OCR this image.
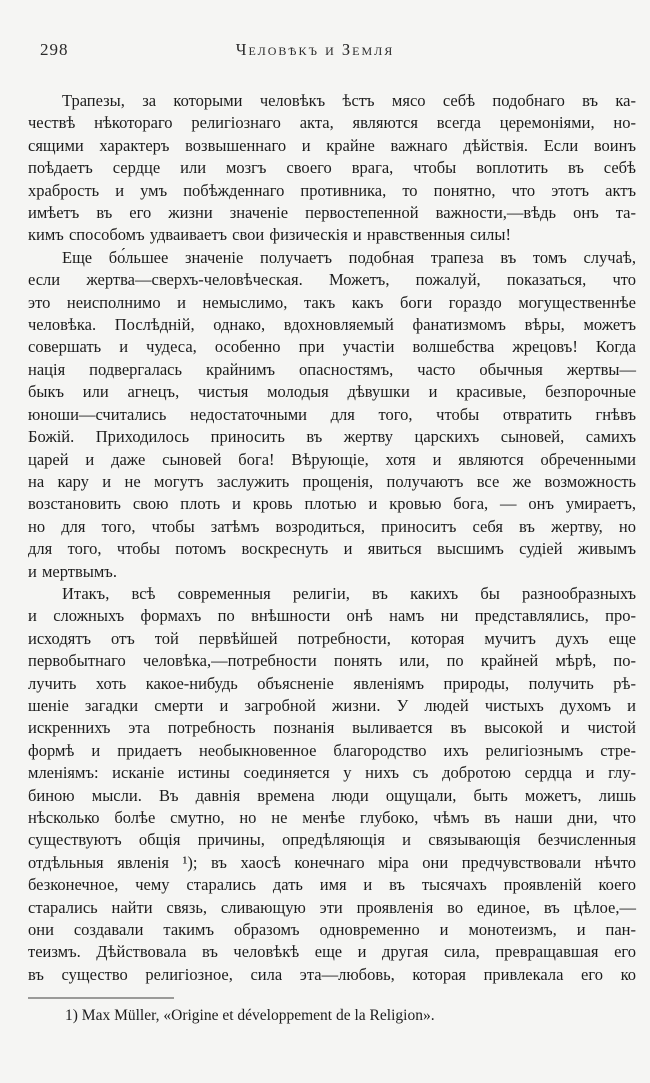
298	Человѣкъ и Земля
Трапезы, за которыми человѣкъ ѣстъ мясо себѣ подобнаго въ ка-
чествѣ нѣкотораго религіознаго акта, являются всегда церемоніями, но-
сящими характеръ возвышеннаго и крайне важнаго дѣйствія. Если воинъ
поѣдаетъ сердце или мозгъ своего врага, чтобы воплотить въ себѣ
храбрость и умъ побѣжденнаго противника, то понятно, что этотъ актъ
имѣетъ въ его жизни значеніе первостепенной важности,—вѣдь онъ та-
кимъ способомъ удваиваетъ свои физическія и нравственныя силы!
Еще бо́льшее значеніе получаетъ подобная трапеза въ томъ случаѣ,
если жертва—сверхъ-человѣческая. Можетъ, пожалуй, показаться, что
это неисполнимо и немыслимо, такъ какъ боги гораздо могущественнѣе
человѣка. Послѣдній, однако, вдохновляемый фанатизмомъ вѣры, можетъ
совершать и чудеса, особенно при участіи волшебства жрецовъ! Когда
нація подвергалась крайнимъ опасностямъ, часто обычныя жертвы—
быкъ или агнецъ, чистыя молодыя дѣвушки и красивые, безпорочные
юноши—считались недостаточными для того, чтобы отвратить гнѣвъ
Божій. Приходилось приносить въ жертву царскихъ сыновей, самихъ
царей и даже сыновей бога! Вѣрующіе, хотя и являются обреченными
на кару и не могутъ заслужить прощенія, получаютъ все же возможность
возстановить свою плоть и кровь плотью и кровью бога, — онъ умираетъ,
но для того, чтобы затѣмъ возродиться, приноситъ себя въ жертву, но
для того, чтобы потомъ воскреснуть и явиться высшимъ судіей живымъ
и мертвымъ.
Итакъ, всѣ современныя религіи, въ какихъ бы разнообразныхъ
и сложныхъ формахъ по внѣшности онѣ намъ ни представлялись, про-
исходятъ отъ той первѣйшей потребности, которая мучитъ духъ еще
первобытнаго человѣка,—потребности понять или, по крайней мѣрѣ, по-
лучить хоть какое-нибудь объясненіе явленіямъ природы, получить рѣ-
шеніе загадки смерти и загробной жизни. У людей чистыхъ духомъ и
искреннихъ эта потребность познанія выливается въ высокой и чистой
формѣ и придаетъ необыкновенное благородство ихъ религіознымъ стре-
мленіямъ: исканіе истины соединяется у нихъ съ добротою сердца и глу-
биною мысли. Въ давнія времена люди ощущали, быть можетъ, лишь
нѣсколько болѣе смутно, но не менѣе глубоко, чѣмъ въ наши дни, что
существуютъ общія причины, опредѣляющія и связывающія безчисленныя
отдѣльныя явленія ¹); въ хаосѣ конечнаго міра они предчувствовали нѣчто
безконечное, чему старались дать имя и въ тысячахъ проявленій коего
старались найти связь, сливающую эти проявленія во единое, въ цѣлое,—
они создавали такимъ образомъ одновременно и монотеизмъ, и пан-
теизмъ. Дѣйствовала въ человѣкѣ еще и другая сила, превращавшая его
въ существо религіозное, сила эта—любовь, которая привлекала его ко
1) Max Müller, «Origine et développement de la Religion».
